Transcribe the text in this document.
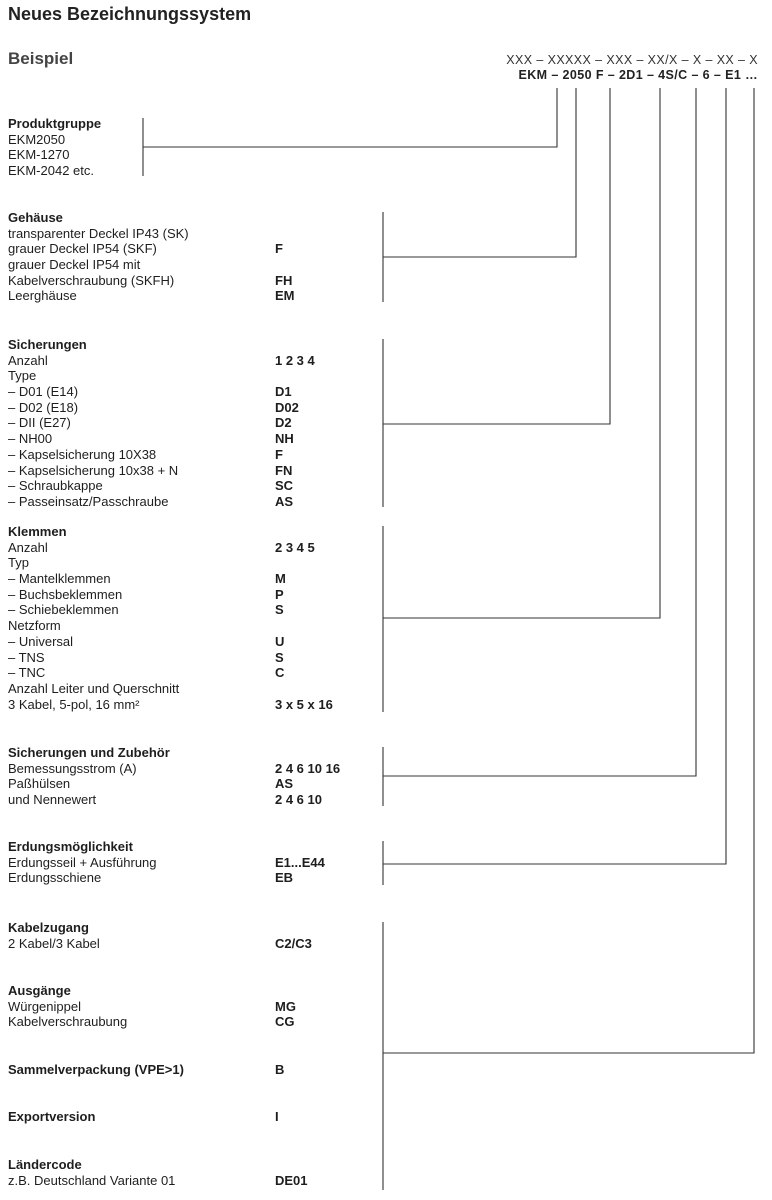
Neues Bezeichnungssystem
Beispiel	XXX – XXXXX – XXX – XX/X – X – XX – X
EKM – 2050 F – 2D1 – 4S/C – 6 – E1 …
Produktgruppe
EKM2050
EKM-1270
EKM-2042 etc.
Gehäuse
transparenter Deckel IP43 (SK)
grauer Deckel IP54 (SKF)	F
grauer Deckel IP54 mit
Kabelverschraubung (SKFH)	FH
Leerghäuse	EM
Sicherungen
Anzahl	1 2 3 4
Type
– D01 (E14)	D1
– D02 (E18)	D02
– DII (E27)	D2
– NH00	NH
– Kapselsicherung 10X38	F
– Kapselsicherung 10x38 + N	FN
– Schraubkappe	SC
– Passeinsatz/Passchraube	AS
Klemmen
Anzahl	2 3 4 5
Typ
– Mantelklemmen	M
– Buchsbeklemmen	P
– Schiebeklemmen	S
Netzform
– Universal	U
– TNS	S
– TNC	C
Anzahl Leiter und Querschnitt
3 Kabel, 5-pol, 16 mm²	3 x 5 x 16
Sicherungen und Zubehör
Bemessungsstrom (A)	2 4 6 10 16
Paßhülsen	AS
und Nennewert	2 4 6 10
Erdungsmöglichkeit
Erdungsseil + Ausführung	E1...E44
Erdungsschiene	EB
Kabelzugang
2 Kabel/3 Kabel	C2/C3
Ausgänge
Würgenippel	MG
Kabelverschraubung	CG
Sammelverpackung (VPE>1)	B
Exportversion	I
Ländercode
z.B. Deutschland Variante 01	DE01
